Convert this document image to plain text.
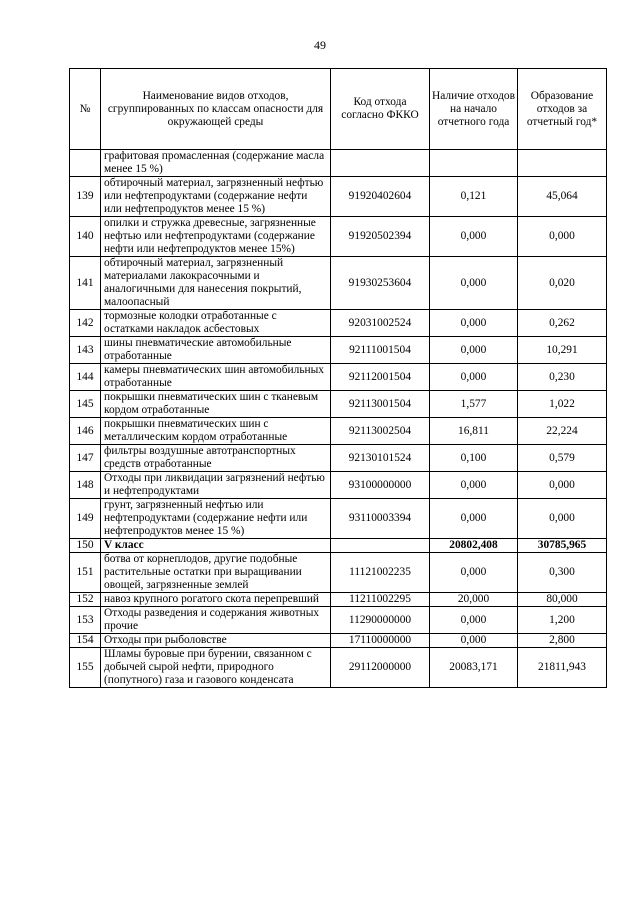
49
№	Наименование видов отходов, сгруппированных по классам опасности для окружающей среды	Код отхода согласно ФККО	Наличие отходов на начало отчетного года	Образование отходов за отчетный год*
	графитовая промасленная (содержание масла менее 15 %)			
139	обтирочный материал, загрязненный нефтью или нефтепродуктами (содержание нефти или нефтепродуктов менее 15 %)	91920402604	0,121	45,064
140	опилки и стружка древесные, загрязненные нефтью или нефтепродуктами (содержание нефти или нефтепродуктов менее 15%)	91920502394	0,000	0,000
141	обтирочный материал, загрязненный материалами лакокрасочными и аналогичными для нанесения покрытий, малоопасный	91930253604	0,000	0,020
142	тормозные колодки отработанные с остатками накладок асбестовых	92031002524	0,000	0,262
143	шины пневматические автомобильные отработанные	92111001504	0,000	10,291
144	камеры пневматических шин автомобильных отработанные	92112001504	0,000	0,230
145	покрышки пневматических шин с тканевым кордом отработанные	92113001504	1,577	1,022
146	покрышки пневматических шин с металлическим кордом отработанные	92113002504	16,811	22,224
147	фильтры воздушные автотранспортных средств отработанные	92130101524	0,100	0,579
148	Отходы при ликвидации загрязнений нефтью и нефтепродуктами	93100000000	0,000	0,000
149	грунт, загрязненный нефтью или нефтепродуктами (содержание нефти или нефтепродуктов менее 15 %)	93110003394	0,000	0,000
150	V класс		20802,408	30785,965
151	ботва от корнеплодов, другие подобные растительные остатки при выращивании овощей, загрязненные землей	11121002235	0,000	0,300
152	навоз крупного рогатого скота перепревший	11211002295	20,000	80,000
153	Отходы разведения и содержания животных прочие	11290000000	0,000	1,200
154	Отходы при рыболовстве	17110000000	0,000	2,800
155	Шламы буровые при бурении, связанном с добычей сырой нефти, природного (попутного) газа и газового конденсата	29112000000	20083,171	21811,943
